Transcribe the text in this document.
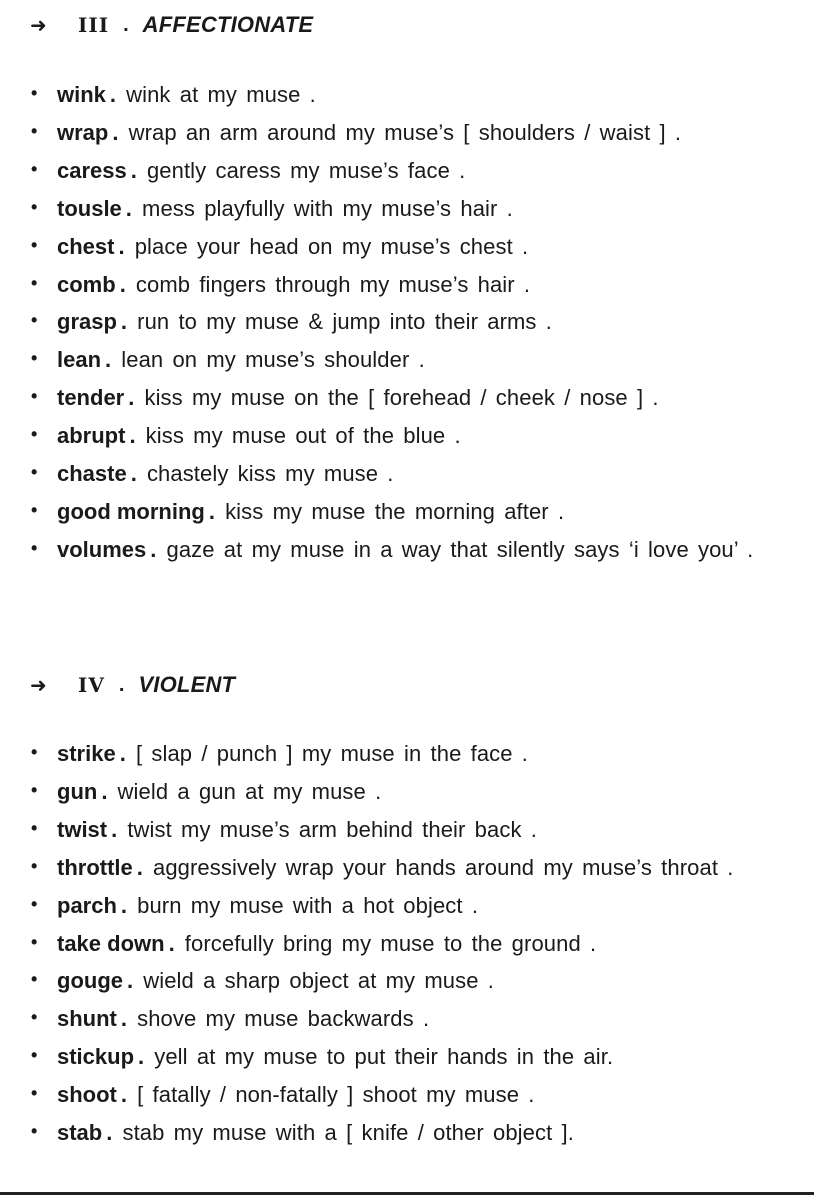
➜	III . AFFECTIONATE
• wink . wink at my muse .
• wrap . wrap an arm around my muse’s [ shoulders / waist ] .
• caress . gently caress my muse’s face .
• tousle . mess playfully with my muse’s hair .
• chest . place your head on my muse’s chest .
• comb . comb fingers through my muse’s hair .
• grasp . run to my muse & jump into their arms .
• lean . lean on my muse’s shoulder .
• tender . kiss my muse on the [ forehead / cheek / nose ] .
• abrupt . kiss my muse out of the blue .
• chaste . chastely kiss my muse .
• good morning . kiss my muse the morning after .
• volumes . gaze at my muse in a way that silently says ‘i love you’ .
➜	IV . VIOLENT
• strike . [ slap / punch ] my muse in the face .
• gun . wield a gun at my muse .
• twist . twist my muse’s arm behind their back .
• throttle . aggressively wrap your hands around my muse’s throat .
• parch . burn my muse with a hot object .
• take down . forcefully bring my muse to the ground .
• gouge . wield a sharp object at my muse .
• shunt . shove my muse backwards .
• stickup . yell at my muse to put their hands in the air.
• shoot . [ fatally / non-fatally ] shoot my muse .
• stab . stab my muse with a [ knife / other object ].
